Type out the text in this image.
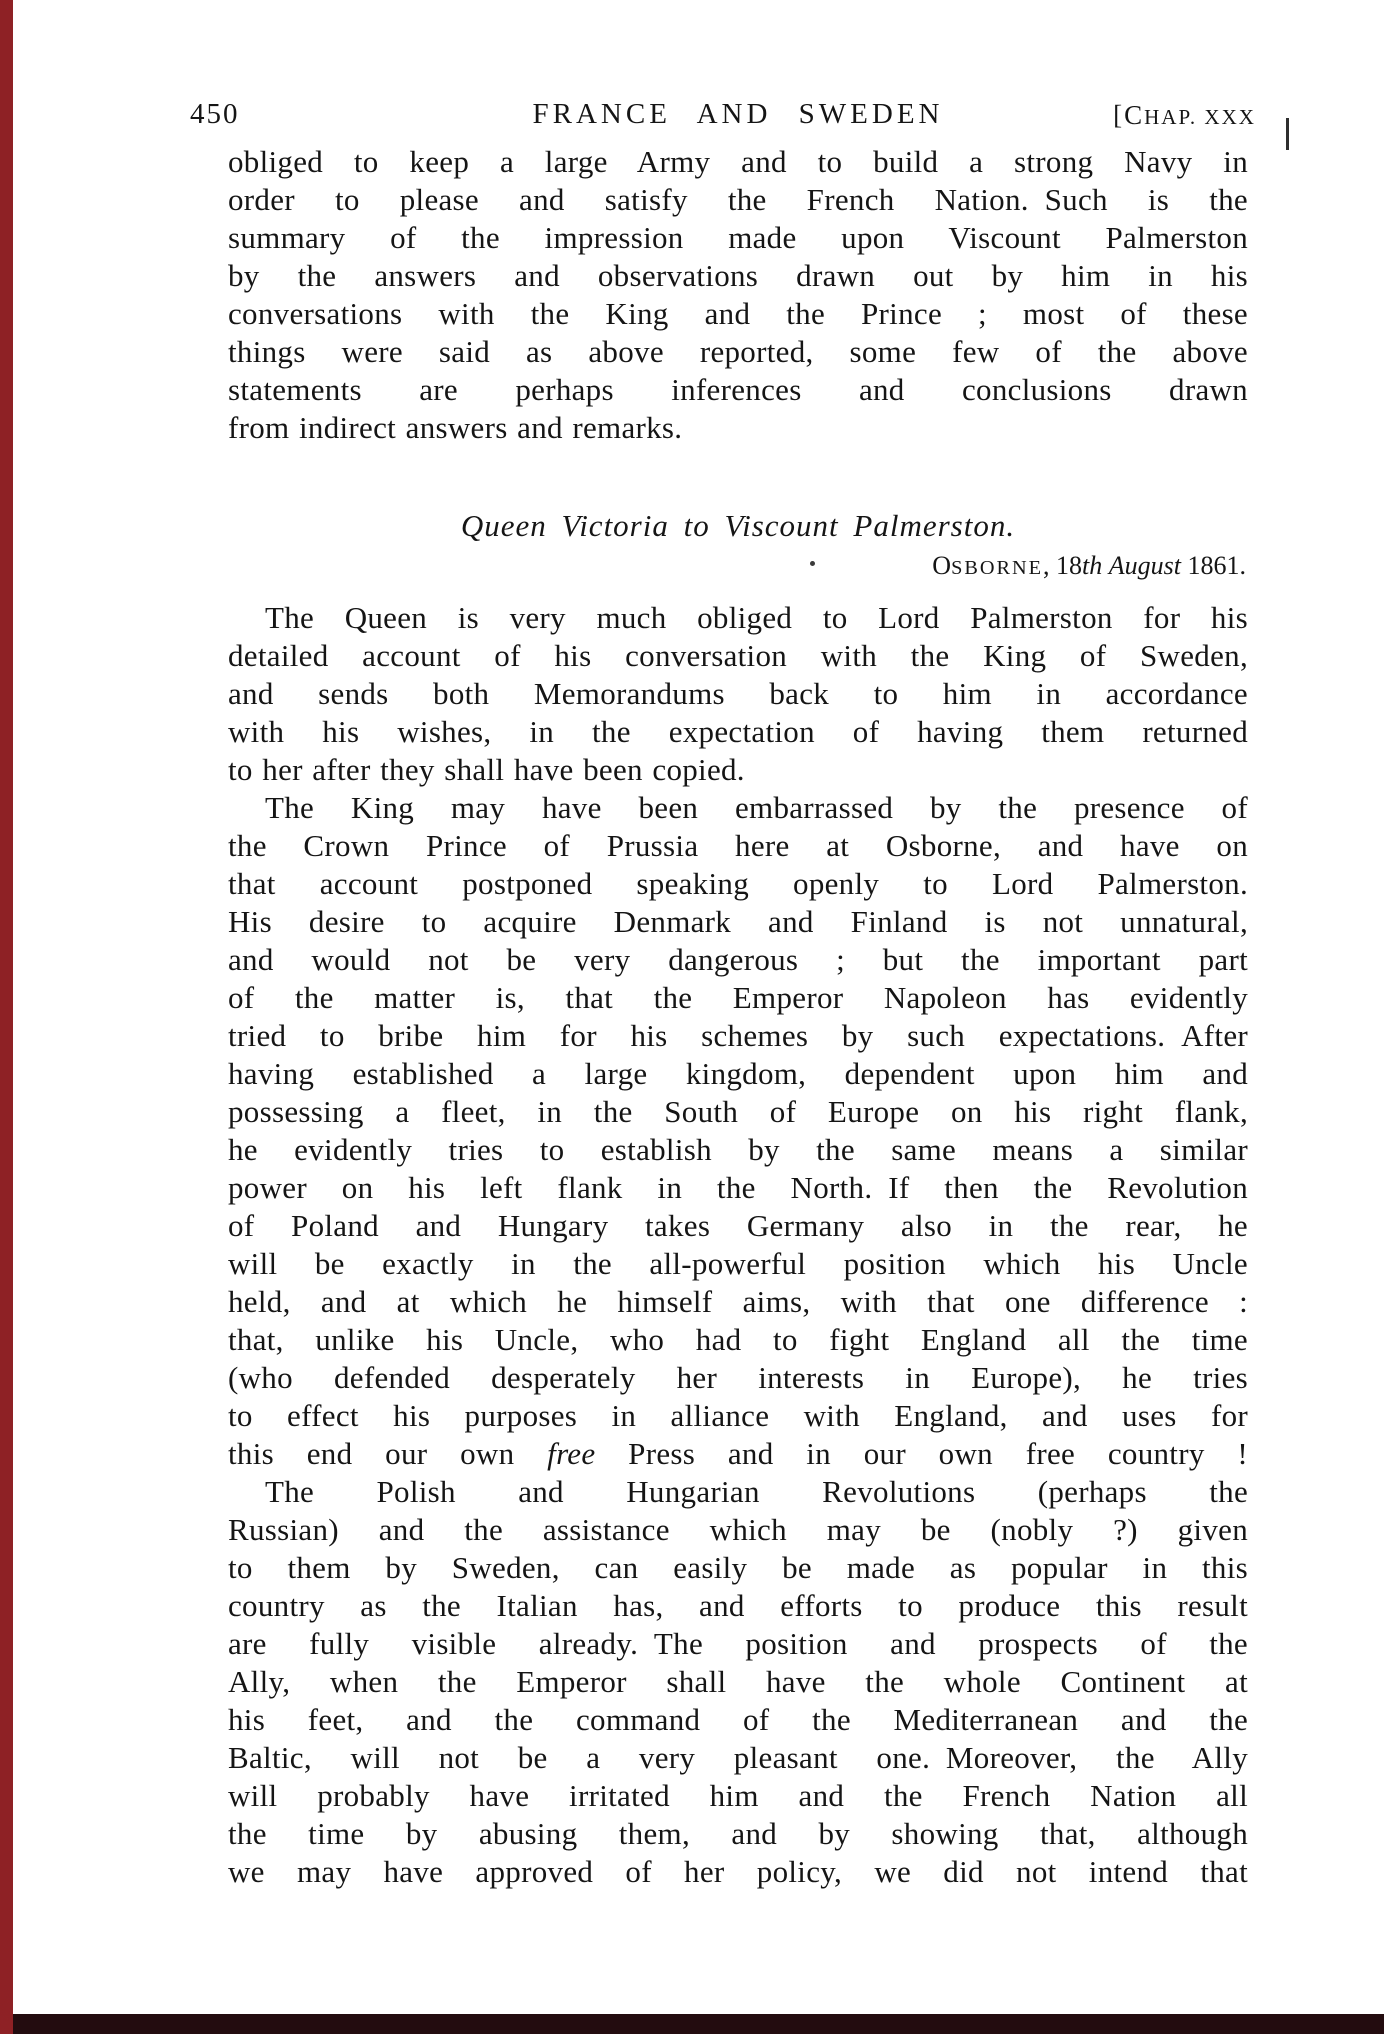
450	FRANCE AND SWEDEN	[CHAP. XXX
obliged to keep a large Army and to build a strong Navy in
order to please and satisfy the French Nation. Such is the
summary of the impression made upon Viscount Palmerston
by the answers and observations drawn out by him in his
conversations with the King and the Prince ; most of these
things were said as above reported, some few of the above
statements are perhaps inferences and conclusions drawn
from indirect answers and remarks.
Queen Victoria to Viscount Palmerston.
OSBORNE, 18th August 1861.
The Queen is very much obliged to Lord Palmerston for his
detailed account of his conversation with the King of Sweden,
and sends both Memorandums back to him in accordance
with his wishes, in the expectation of having them returned
to her after they shall have been copied.
The King may have been embarrassed by the presence of
the Crown Prince of Prussia here at Osborne, and have on
that account postponed speaking openly to Lord Palmerston.
His desire to acquire Denmark and Finland is not unnatural,
and would not be very dangerous ; but the important part
of the matter is, that the Emperor Napoleon has evidently
tried to bribe him for his schemes by such expectations. After
having established a large kingdom, dependent upon him and
possessing a fleet, in the South of Europe on his right flank,
he evidently tries to establish by the same means a similar
power on his left flank in the North. If then the Revolution
of Poland and Hungary takes Germany also in the rear, he
will be exactly in the all-powerful position which his Uncle
held, and at which he himself aims, with that one difference :
that, unlike his Uncle, who had to fight England all the time
(who defended desperately her interests in Europe), he tries
to effect his purposes in alliance with England, and uses for
this end our own free Press and in our own free country !
The Polish and Hungarian Revolutions (perhaps the
Russian) and the assistance which may be (nobly ?) given
to them by Sweden, can easily be made as popular in this
country as the Italian has, and efforts to produce this result
are fully visible already. The position and prospects of the
Ally, when the Emperor shall have the whole Continent at
his feet, and the command of the Mediterranean and the
Baltic, will not be a very pleasant one. Moreover, the Ally
will probably have irritated him and the French Nation all
the time by abusing them, and by showing that, although
we may have approved of her policy, we did not intend that
